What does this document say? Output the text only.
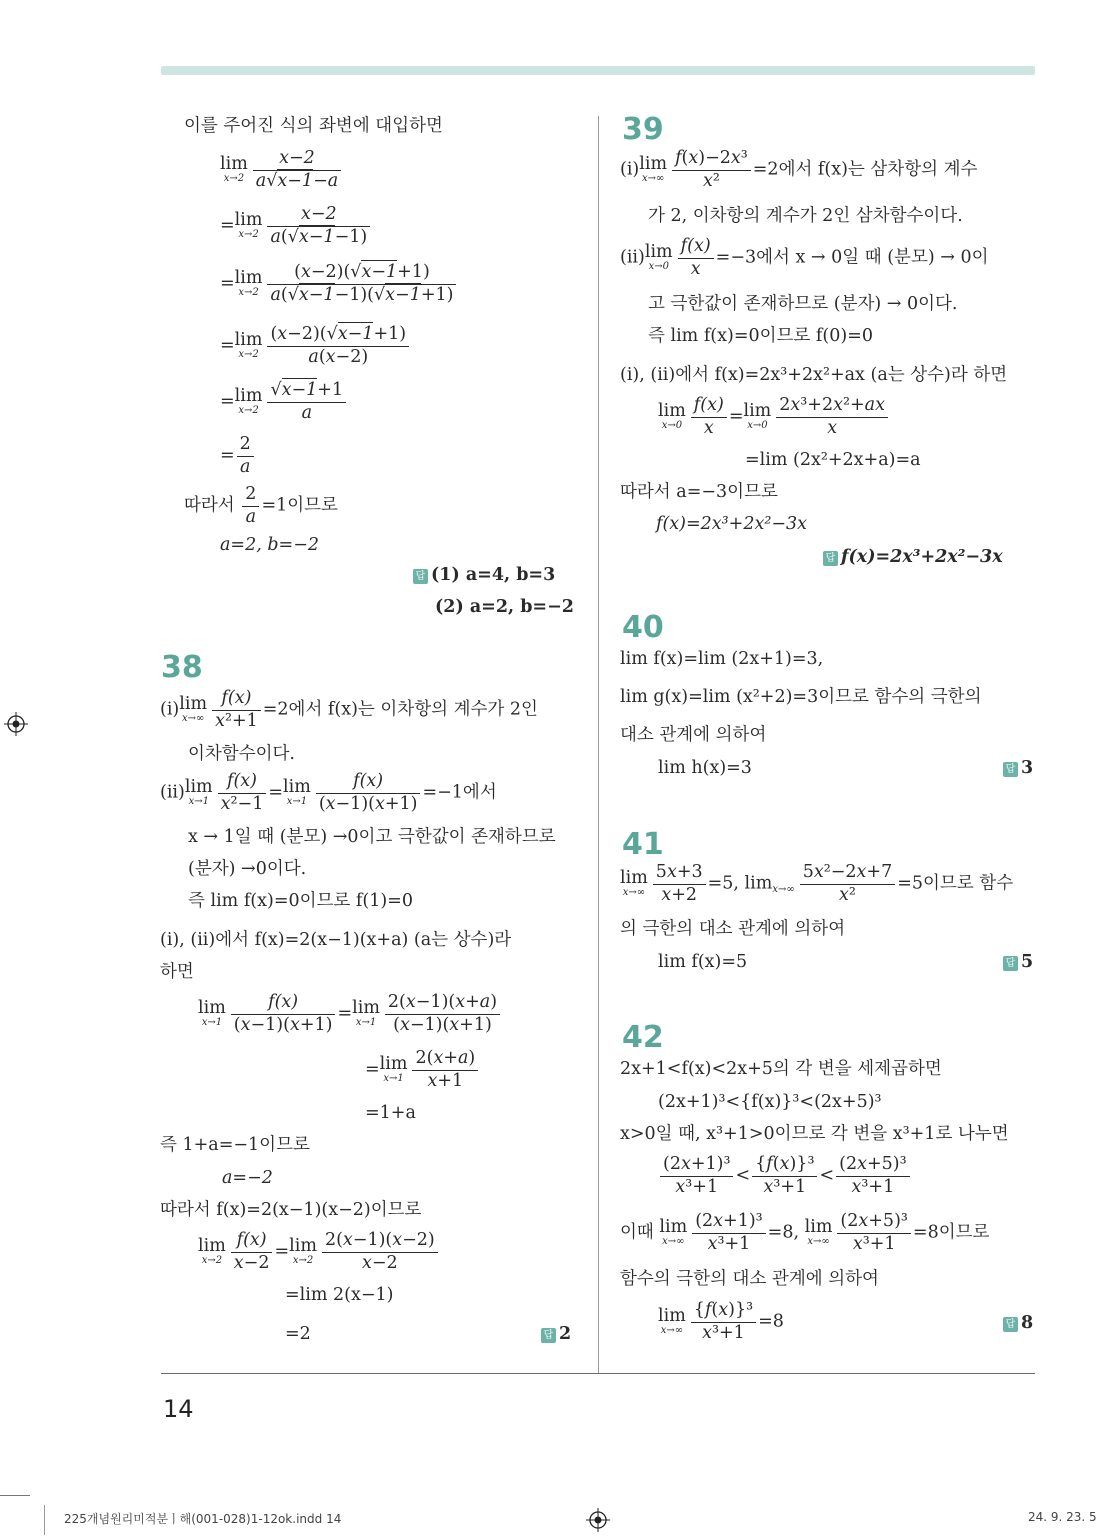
14
이를 주어진 식의 좌변에 대입하면
lim
$x\to 2 \frac{x-2}{a√x-1-a}$
= lim
$x\to 2 \frac{x-2}{a(√x-1-1)}$
= lim
$x\to 2 \frac{(x-2)(√x-1+1)}{a(√x-1-1)(√x-1+1)}$
= lim
$x\to 2 \frac{(x-2)(√x-1+1)}{a(x-2)}$
= lim
$x\to 2 \frac{√x-1+1}{a}$
= $\frac{2}{a}$
따라서 $\frac{2}{a} =1$이므로
a=2, b=−2
답 (1) a=4, b=3
(2) a=2, b=−2
38
(i) lim
$x\to\infty \frac{f(x)}{\text{x²+1}} =2$에서 f(x)는 이차항의 계수가 2인
이차함수이다.
(ii) lim
$x\to 1 \frac{f(x)}{\text{x²−1}} = \lim$
$x\to 1 \frac{f(x)}{(x-1)(x+1)} =-1$에서
x → 1일 때 (분모) →0이고 극한값이 존재하므로
(분자) →0이다.
즉 lim f(x)=0이므로 f(1)=0
(i), (ii)에서 f(x)=2(x−1)(x+a) (a는 상수)라
하면
lim
$x\to 1 \frac{f(x)}{(x-1)(x+1)} = \lim$
$x\to 1 \frac{2(x-1)(x+a)}{(x-1)(x+1)}$
= lim
$x\to 1 \frac{2(x+a)}{x+1}$
=1+a
즉 1+a=−1이므로
a=−2
따라서 f(x)=2(x−1)(x−2)이므로
lim
$x\to 2 \frac{f(x)}{x-2} = \lim$
$x\to 2 \frac{2(x-1)(x-2)}{x-2}$
=lim 2(x−1)
=2	답 2
39
(i) lim
$x\to\infty \frac{\text{f(x)−2x³}}{\text{x²}} =2$에서 f(x)는 삼차항의 계수
가 2, 이차항의 계수가 2인 삼차함수이다.
(ii) lim
$x\to 0 \frac{f(x)}{x} =-3$에서 x → 0일 때 (분모) → 0이
고 극한값이 존재하므로 (분자) → 0이다.
즉 lim f(x)=0이므로 f(0)=0
(i), (ii)에서 f(x)=2x³+2x²+ax (a는 상수)라 하면
lim
$x\to 0 \frac{f(x)}{x} = \lim$
$x\to 0 \frac{\text{2x³+2x²+ax}}{x}$
=lim (2x²+2x+a)=a
따라서 a=−3이므로
f(x)=2x³+2x²−3x
답 f(x)=2x³+2x²−3x
40
lim f(x)=lim (2x+1)=3,
lim g(x)=lim (x²+2)=3이므로 함수의 극한의
대소 관계에 의하여
lim h(x)=3	답 3
41
lim
$x\to\infty \frac{5x+3}{x+2} =5$, $\lim x\to\infty \frac{\text{5x²−2x+7}}{\text{x²}} =5$이므로 함수
의 극한의 대소 관계에 의하여
lim f(x)=5	답 5
42
2x+1<f(x)<2x+5의 각 변을 세제곱하면
(2x+1)³<{f(x)}³<(2x+5)³
x>0일 때, x³+1>0이므로 각 변을 x³+1로 나누면
$\frac{\text{(2x+1)³}}{\text{x³+1}} < \frac{\text{\{f(x)\}³}}{\text{x³+1}} < \frac{\text{(2x+5)³}}{\text{x³+1}}$
이때 lim
$x\to\infty \frac{\text{(2x+1)³}}{\text{x³+1}} =8$, lim
$x\to\infty \frac{\text{(2x+5)³}}{\text{x³+1}} =8$이므로
함수의 극한의 대소 관계에 의하여
lim
$x\to\infty \frac{\text{\{f(x)\}³}}{\text{x³+1}} =8$	답 8
225개념원리미적분ㅣ해(001-028)1-12ok.indd 14	24. 9. 23. 5
